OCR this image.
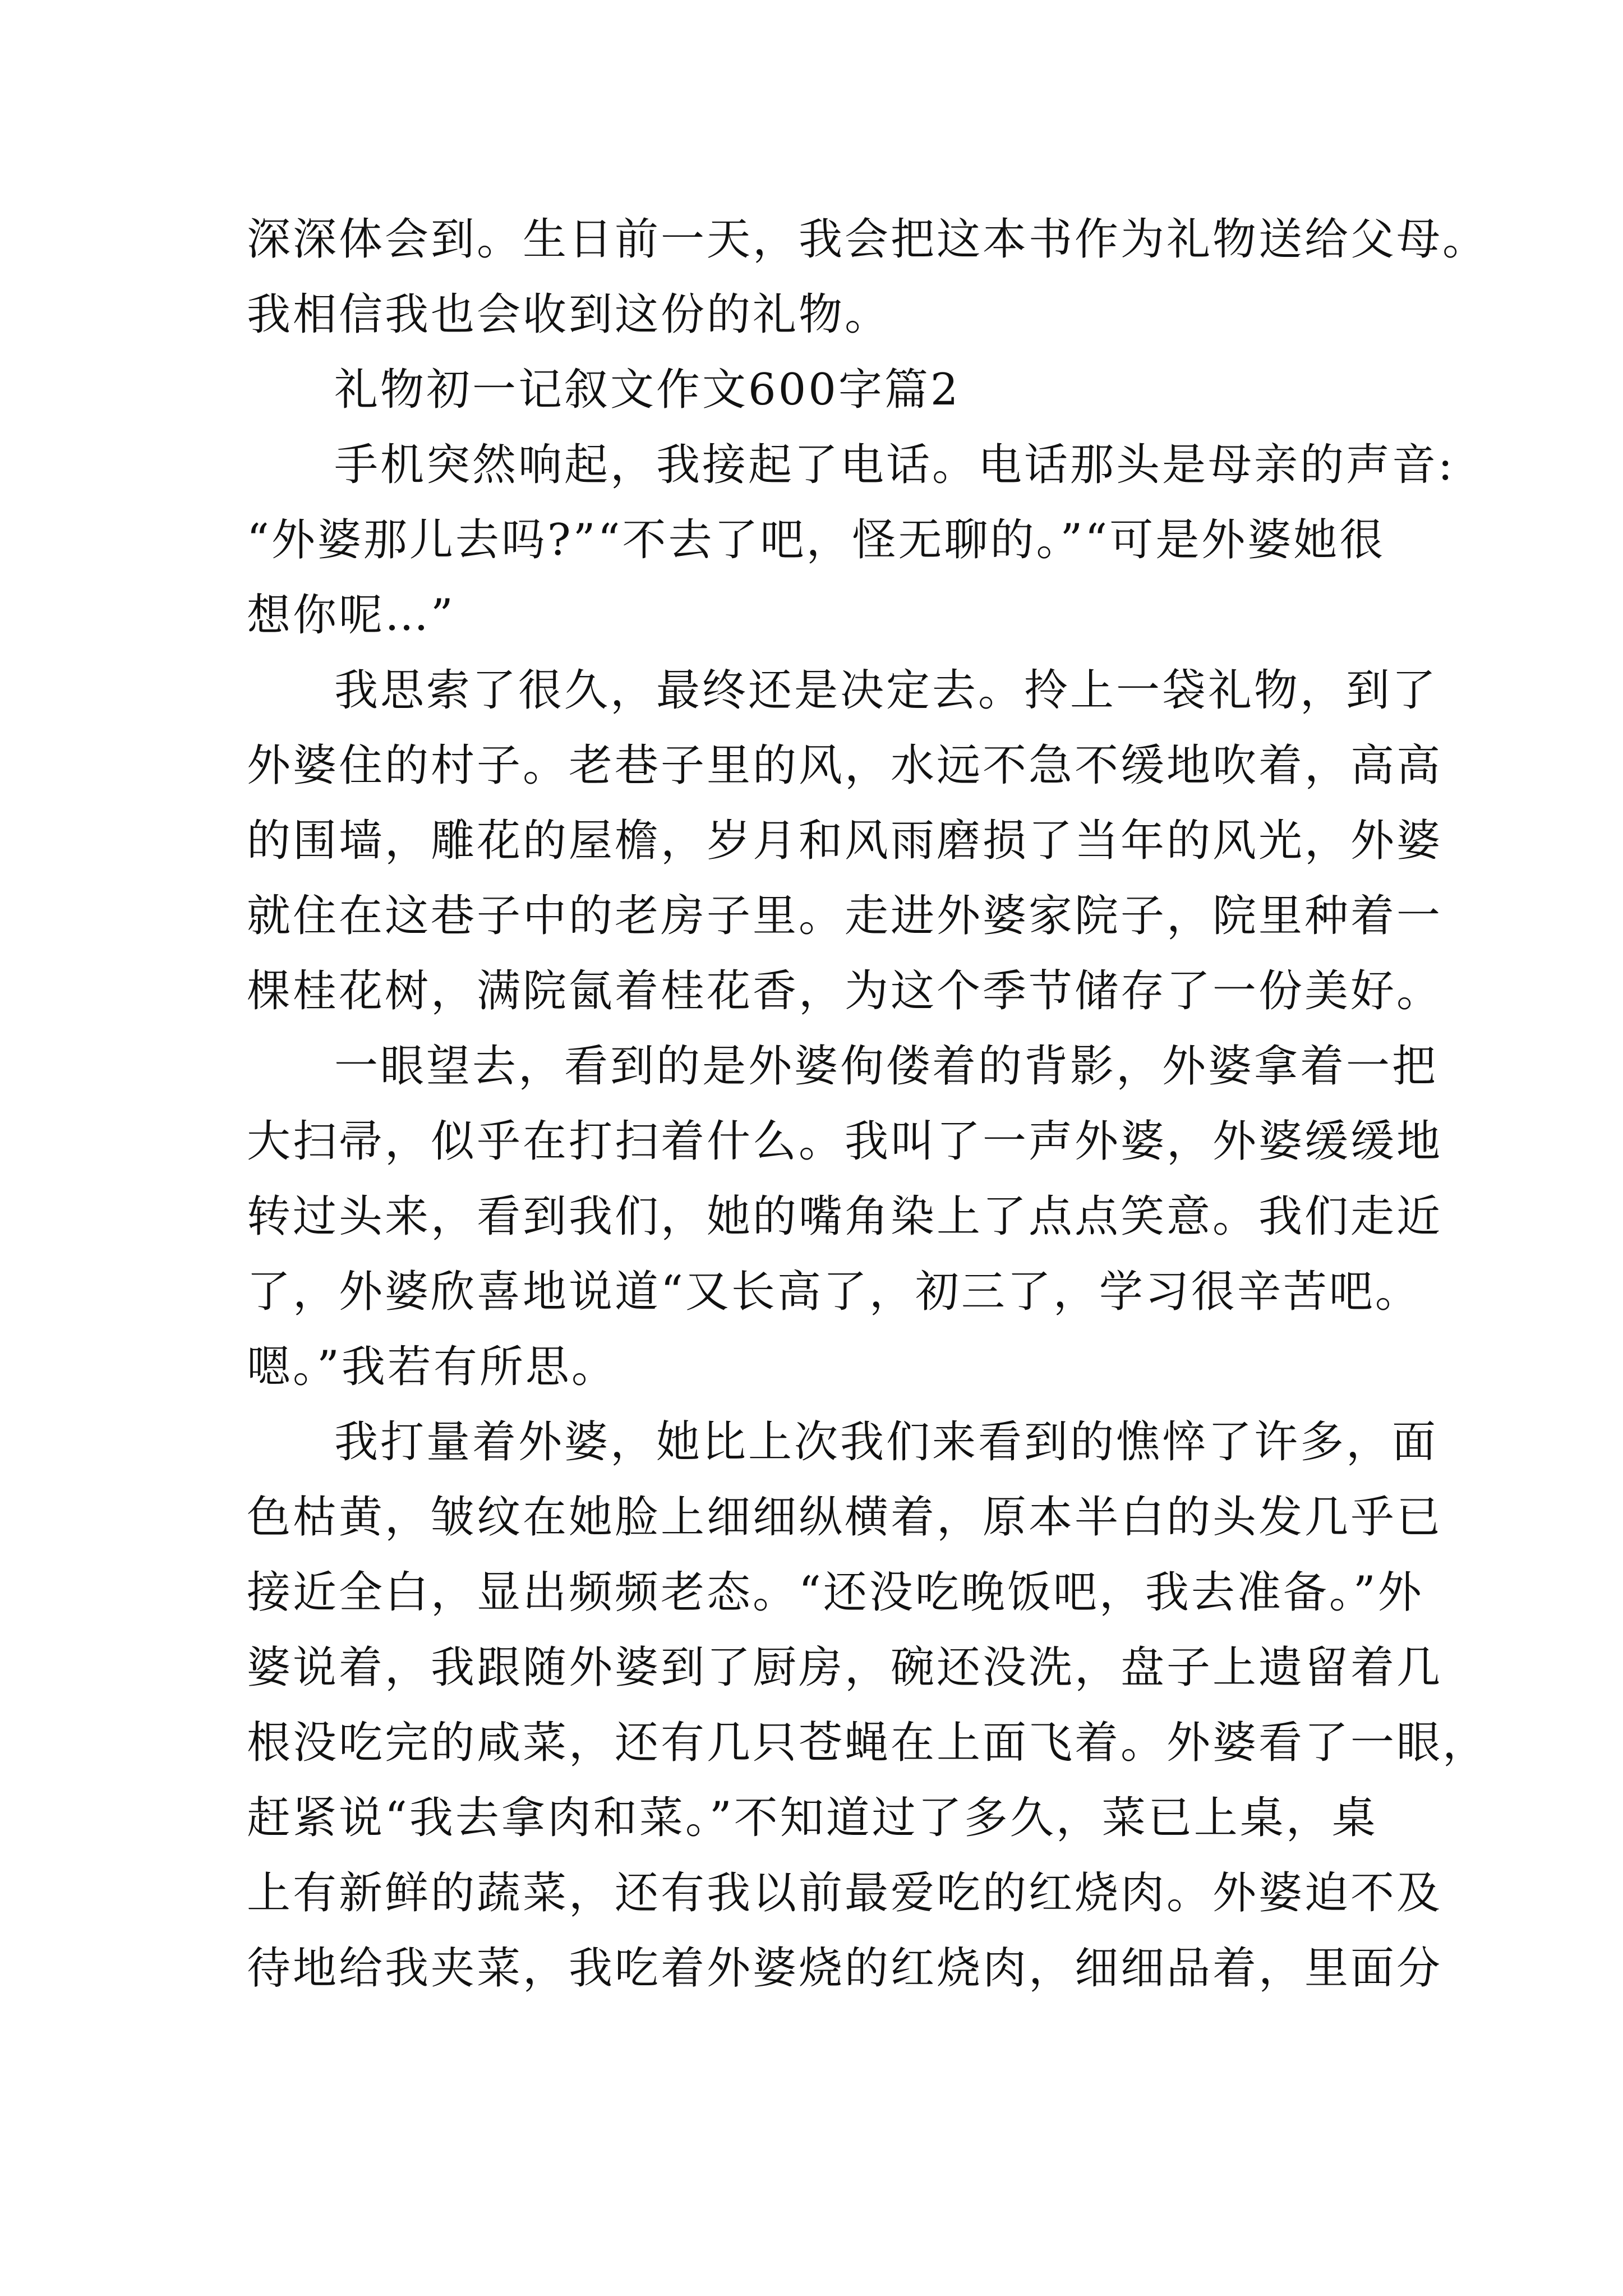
深深体会到。生日前一天，我会把这本书作为礼物送给父母。
我相信我也会收到这份的礼物。
礼物初一记叙文作文600字篇2
手机突然响起，我接起了电话。电话那头是母亲的声音:
“外婆那儿去吗?”“不去了吧，怪无聊的。”“可是外婆她很
想你呢…”
我思索了很久，最终还是决定去。拎上一袋礼物，到了
外婆住的村子。老巷子里的风，水远不急不缓地吹着，高高
的围墙，雕花的屋檐，岁月和风雨磨损了当年的风光，外婆
就住在这巷子中的老房子里。走进外婆家院子，院里种着一
棵桂花树，满院氤着桂花香，为这个季节储存了一份美好。
一眼望去，看到的是外婆佝偻着的背影，外婆拿着一把
大扫帚，似乎在打扫着什么。我叫了一声外婆，外婆缓缓地
转过头来，看到我们，她的嘴角染上了点点笑意。我们走近
了，外婆欣喜地说道“又长高了，初三了，学习很辛苦吧。
嗯。”我若有所思。
我打量着外婆，她比上次我们来看到的憔悴了许多，面
色枯黄，皱纹在她脸上细细纵横着，原本半白的头发几乎已
接近全白，显出频频老态。“还没吃晚饭吧，我去准备。”外
婆说着，我跟随外婆到了厨房，碗还没洗，盘子上遗留着几
根没吃完的咸菜，还有几只苍蝇在上面飞着。外婆看了一眼，
赶紧说“我去拿肉和菜。”不知道过了多久，菜已上桌，桌
上有新鲜的蔬菜，还有我以前最爱吃的红烧肉。外婆迫不及
待地给我夹菜，我吃着外婆烧的红烧肉，细细品着，里面分
